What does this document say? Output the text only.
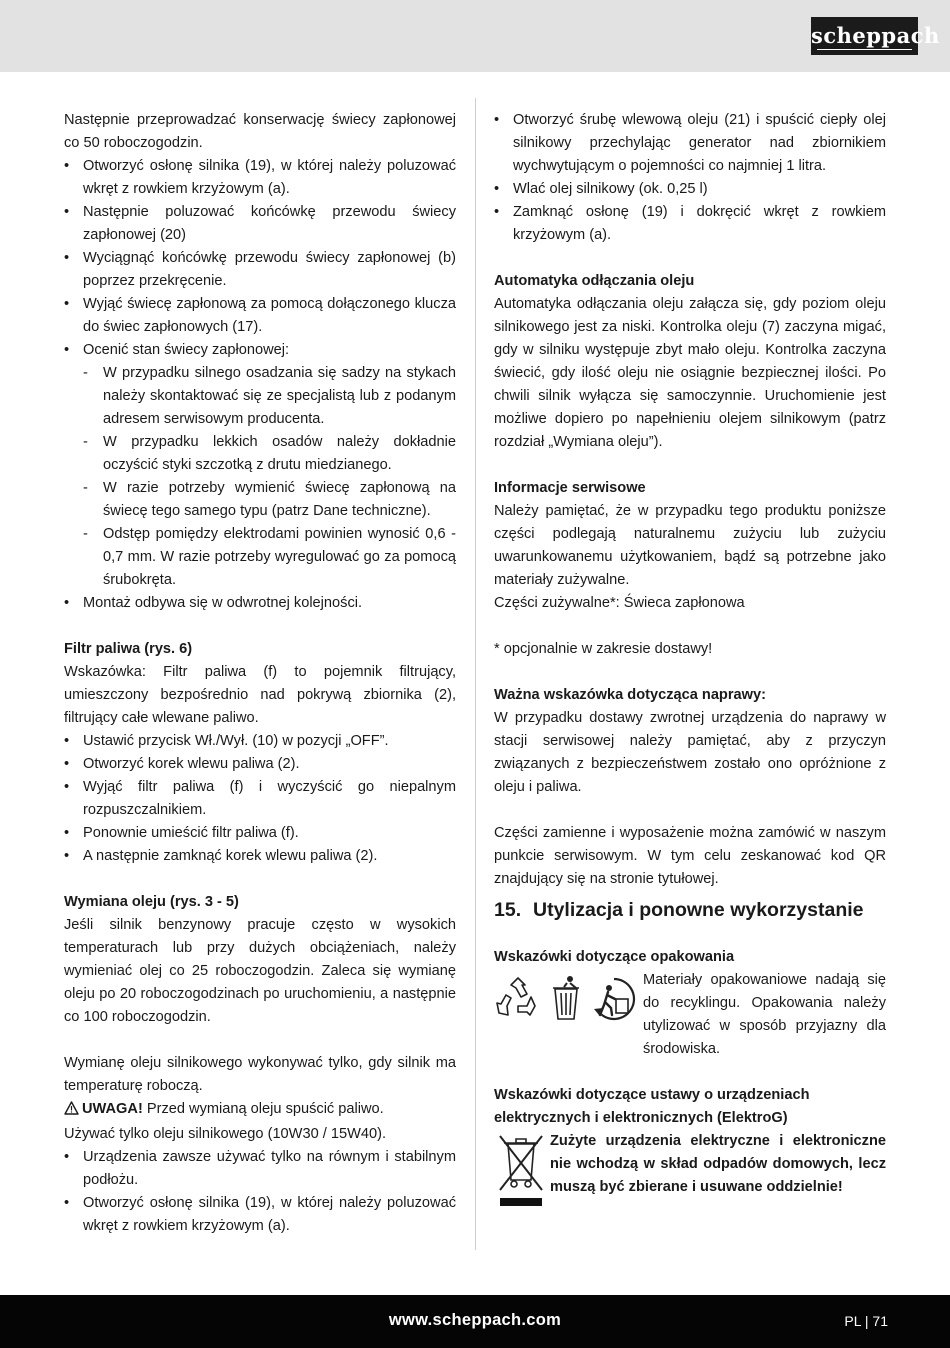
scheppach

Następnie przeprowadzać konserwację świecy zapłonowej co 50 roboczogodzin.

• Otworzyć osłonę silnika (19), w której należy poluzować wkręt z rowkiem krzyżowym (a).
• Następnie poluzować końcówkę przewodu świecy zapłonowej (20)
• Wyciągnąć końcówkę przewodu świecy zapłonowej (b) poprzez przekręcenie.
• Wyjąć świecę zapłonową za pomocą dołączonego klucza do świec zapłonowych (17).
• Ocenić stan świecy zapłonowej:
- W przypadku silnego osadzania się sadzy na stykach należy skontaktować się ze specjalistą lub z podanym adresem serwisowym producenta.
- W przypadku lekkich osadów należy dokładnie oczyścić styki szczotką z drutu miedzianego.
- W razie potrzeby wymienić świecę zapłonową na świecę tego samego typu (patrz Dane techniczne).
- Odstęp pomiędzy elektrodami powinien wynosić 0,6 - 0,7 mm. W razie potrzeby wyregulować go za pomocą śrubokręta.
• Montaż odbywa się w odwrotnej kolejności.
Filtr paliwa (rys. 6)

Wskazówka: Filtr paliwa (f) to pojemnik filtrujący, umieszczony bezpośrednio nad pokrywą zbiornika (2), filtrujący całe wlewane paliwo.

• Ustawić przycisk Wł./Wył. (10) w pozycji „OFF”.
• Otworzyć korek wlewu paliwa (2).
• Wyjąć filtr paliwa (f) i wyczyścić go niepalnym rozpuszczalnikiem.
• Ponownie umieścić filtr paliwa (f).
• A następnie zamknąć korek wlewu paliwa (2).
Wymiana oleju (rys. 3 - 5)

Jeśli silnik benzynowy pracuje często w wysokich temperaturach lub przy dużych obciążeniach, należy wymieniać olej co 25 roboczogodzin. Zaleca się wymianę oleju po 20 roboczogodzinach po uruchomieniu, a następnie co 100 roboczogodzin.

Wymianę oleju silnikowego wykonywać tylko, gdy silnik ma temperaturę roboczą.

UWAGA! Przed wymianą oleju spuścić paliwo.

Używać tylko oleju silnikowego (10W30 / 15W40).

• Urządzenia zawsze używać tylko na równym i stabilnym podłożu.
• Otworzyć osłonę silnika (19), w której należy poluzować wkręt z rowkiem krzyżowym (a).
• Otworzyć śrubę wlewową oleju (21) i spuścić ciepły olej silnikowy przechylając generator nad zbiornikiem wychwytującym o pojemności co najmniej 1 litra.
• Wlać olej silnikowy (ok. 0,25 l)
• Zamknąć osłonę (19) i dokręcić wkręt z rowkiem krzyżowym (a).
Automatyka odłączania oleju

Automatyka odłączania oleju załącza się, gdy poziom oleju silnikowego jest za niski. Kontrolka oleju (7) zaczyna migać, gdy w silniku występuje zbyt mało oleju. Kontrolka zaczyna świecić, gdy ilość oleju nie osiągnie bezpiecznej ilości. Po chwili silnik wyłącza się samoczynnie. Uruchomienie jest możliwe dopiero po napełnieniu olejem silnikowym (patrz rozdział „Wymiana oleju”).

Informacje serwisowe

Należy pamiętać, że w przypadku tego produktu poniższe części podlegają naturalnemu zużyciu lub zużyciu uwarunkowanemu użytkowaniem, bądź są potrzebne jako materiały zużywalne.

Części zużywalne*: Świeca zapłonowa

* opcjonalnie w zakresie dostawy!

Ważna wskazówka dotycząca naprawy:

W przypadku dostawy zwrotnej urządzenia do naprawy w stacji serwisowej należy pamiętać, aby z przyczyn związanych z bezpieczeństwem zostało ono opróżnione z oleju i paliwa.

Części zamienne i wyposażenie można zamówić w naszym punkcie serwisowym. W tym celu zeskanować kod QR znajdujący się na stronie tytułowej.

15. Utylizacja i ponowne wykorzystanie
Wskazówki dotyczące opakowania

Materiały opakowaniowe nadają się do recyklingu. Opakowania należy utylizować w sposób przyjazny dla środowiska.

Wskazówki dotyczące ustawy o urządzeniach elektrycznych i elektronicznych (ElektroG)

Zużyte urządzenia elektryczne i elektroniczne nie wchodzą w skład odpadów domowych, lecz muszą być zbierane i usuwane oddzielnie!

www.scheppach.com	PL | 71
